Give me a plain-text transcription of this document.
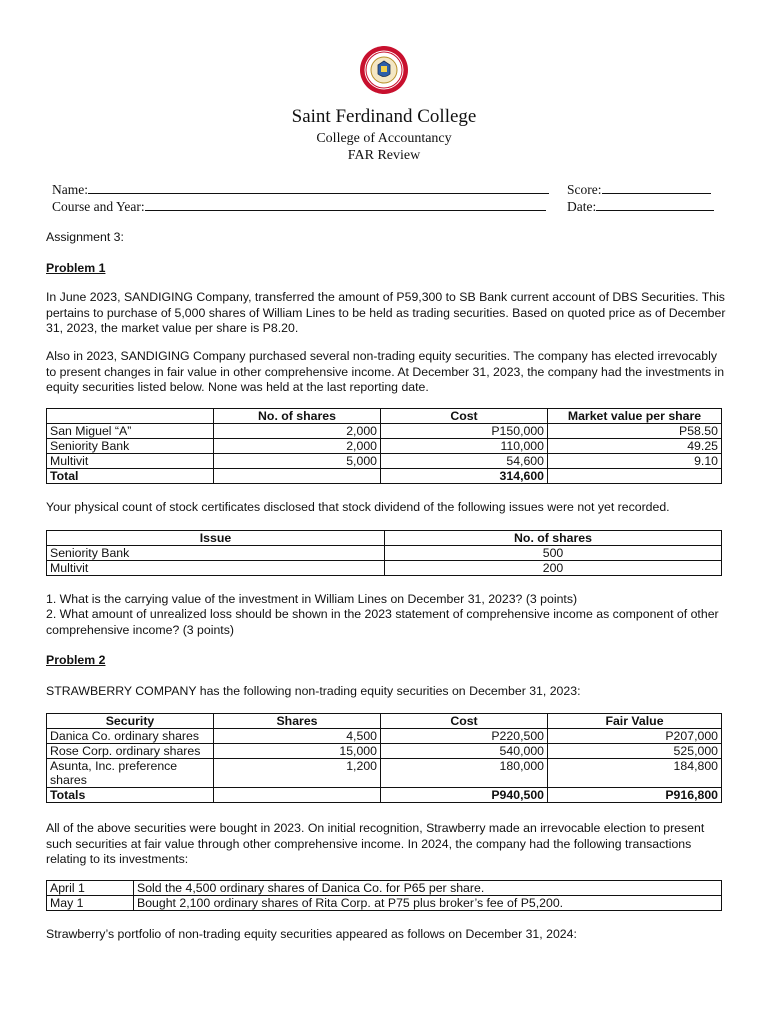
Saint Ferdinand College
College of Accountancy
FAR Review
Name:
Course and Year:
Score:
Date:

Assignment 3:

Problem 1

In June 2023, SANDIGING Company, transferred the amount of P59,300 to SB Bank current account of DBS Securities. This pertains to purchase of 5,000 shares of William Lines to be held as trading securities. Based on quoted price as of December 31, 2023, the market value per share is P8.20.

Also in 2023, SANDIGING Company purchased several non-trading equity securities. The company has elected irrevocably to present changes in fair value in other comprehensive income. At December 31, 2023, the company had the investments in equity securities listed below. None was held at the last reporting date.

	No. of shares	Cost	Market value per share
San Miguel “A”	2,000	P150,000	P58.50
Seniority Bank	2,000	110,000	49.25
Multivit	5,000	54,600	9.10
Total		314,600	

Your physical count of stock certificates disclosed that stock dividend of the following issues were not yet recorded.

Issue	No. of shares
Seniority Bank	500
Multivit	200

1. What is the carrying value of the investment in William Lines on December 31, 2023? (3 points)

2. What amount of unrealized loss should be shown in the 2023 statement of comprehensive income as component of other comprehensive income? (3 points)

Problem 2

STRAWBERRY COMPANY has the following non-trading equity securities on December 31, 2023:

Security	Shares	Cost	Fair Value
Danica Co. ordinary shares	4,500	P220,500	P207,000
Rose Corp. ordinary shares	15,000	540,000	525,000
Asunta, Inc. preference shares	1,200	180,000	184,800
Totals		P940,500	P916,800

All of the above securities were bought in 2023. On initial recognition, Strawberry made an irrevocable election to present such securities at fair value through other comprehensive income. In 2024, the company had the following transactions relating to its investments:

April 1	Sold the 4,500 ordinary shares of Danica Co. for P65 per share.
May 1	Bought 2,100 ordinary shares of Rita Corp. at P75 plus broker’s fee of P5,200.

Strawberry’s portfolio of non-trading equity securities appeared as follows on December 31, 2024:
